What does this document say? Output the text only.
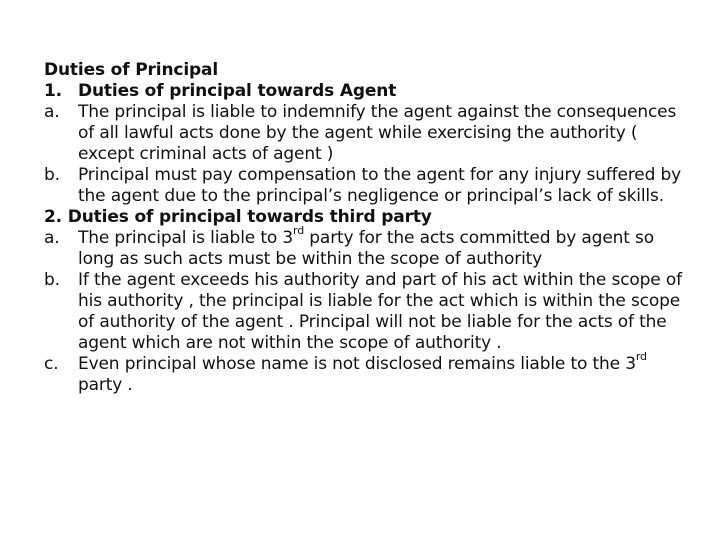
Duties of Principal
1. Duties of principal towards Agent
a.	The principal is liable to indemnify the agent against the consequences of all lawful acts done by the agent while exercising the authority ( except criminal acts of agent )
b.	Principal must pay compensation to the agent for any injury suffered by the agent due to the principal’s negligence or principal’s lack of skills.
2. Duties of principal towards third party
a.	The principal is liable to 3rd party for the acts committed by agent so long as such acts must be within the scope of authority
b.	If the agent exceeds his authority and part of his act within the scope of his authority , the principal is liable for the act which is within the scope of authority of the agent . Principal will not be liable for the acts of the agent which are not within the scope of authority .
c.	Even principal whose name is not disclosed remains liable to the 3rd party .
